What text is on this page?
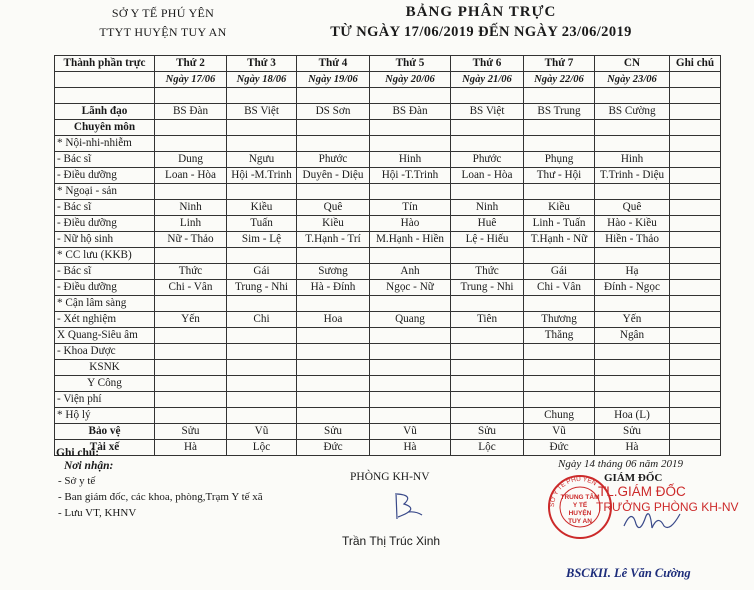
SỞ Y TẾ PHÚ YÊN
TTYT HUYỆN TUY AN
BẢNG PHÂN TRỰC
TỪ NGÀY 17/06/2019 ĐẾN NGÀY 23/06/2019
Thành phần trực	Thứ 2	Thứ 3	Thứ 4	Thứ 5	Thứ 6	Thứ 7	CN	Ghi chú
	Ngày 17/06	Ngày 18/06	Ngày 19/06	Ngày 20/06	Ngày 21/06	Ngày 22/06	Ngày 23/06	

Lãnh đạo	BS Đàn	BS Việt	DS Sơn	BS Đàn	BS Việt	BS Trung	BS Cường	
Chuyên môn								
* Nội-nhi-nhiễm								
- Bác sĩ	Dung	Ngưu	Phước	Hinh	Phước	Phụng	Hinh	
- Điều dưỡng	Loan - Hòa	Hội -M.Trinh	Duyên - Diệu	Hội -T.Trinh	Loan - Hòa	Thư - Hội	T.Trinh - Diệu	
* Ngoại - sản								
- Bác sĩ	Ninh	Kiều	Quê	Tín	Ninh	Kiều	Quê	
- Điều dưỡng	Linh	Tuấn	Kiều	Hào	Huê	Linh - Tuấn	Hào - Kiều	
- Nữ hộ sinh	Nữ - Thảo	Sim - Lệ	T.Hạnh - Trí	M.Hạnh - Hiền	Lệ - Hiếu	T.Hạnh - Nữ	Hiền - Thảo	
* CC lưu (KKB)								
- Bác sĩ	Thức	Gái	Sương	Anh	Thức	Gái	Hạ	
- Điều dưỡng	Chi - Vân	Trung - Nhi	Hà - Đính	Ngọc - Nữ	Trung - Nhi	Chi - Vân	Đính - Ngọc	
* Cận lâm sàng								
- Xét nghiệm	Yến	Chi	Hoa	Quang	Tiên	Thương	Yến	
X Quang-Siêu âm						Thăng	Ngân	
- Khoa Dược								
KSNK								
Y Công								
- Viện phí								
* Hộ lý						Chung	Hoa (L)	
Bảo vệ	Sửu	Vũ	Sửu	Vũ	Sửu	Vũ	Sửu	
Tài xế	Hà	Lộc	Đức	Hà	Lộc	Đức	Hà	
Ghi chú:
Nơi nhận:
- Sở y tế
- Ban giám đốc, các khoa, phòng,Trạm Y tế xã
- Lưu VT, KHNV
PHÒNG KH-NV
Trần Thị Trúc Xinh
Ngày 14 tháng 06 năm 2019
GIÁM ĐỐC
SỞ Y TẾ PHÚ YÊN
TRUNG TÂM
Y TẾ
HUYỆN
TUY AN
TL.GIÁM ĐỐC
TRƯỞNG PHÒNG KH-NV
BSCKII. Lê Văn Cường
